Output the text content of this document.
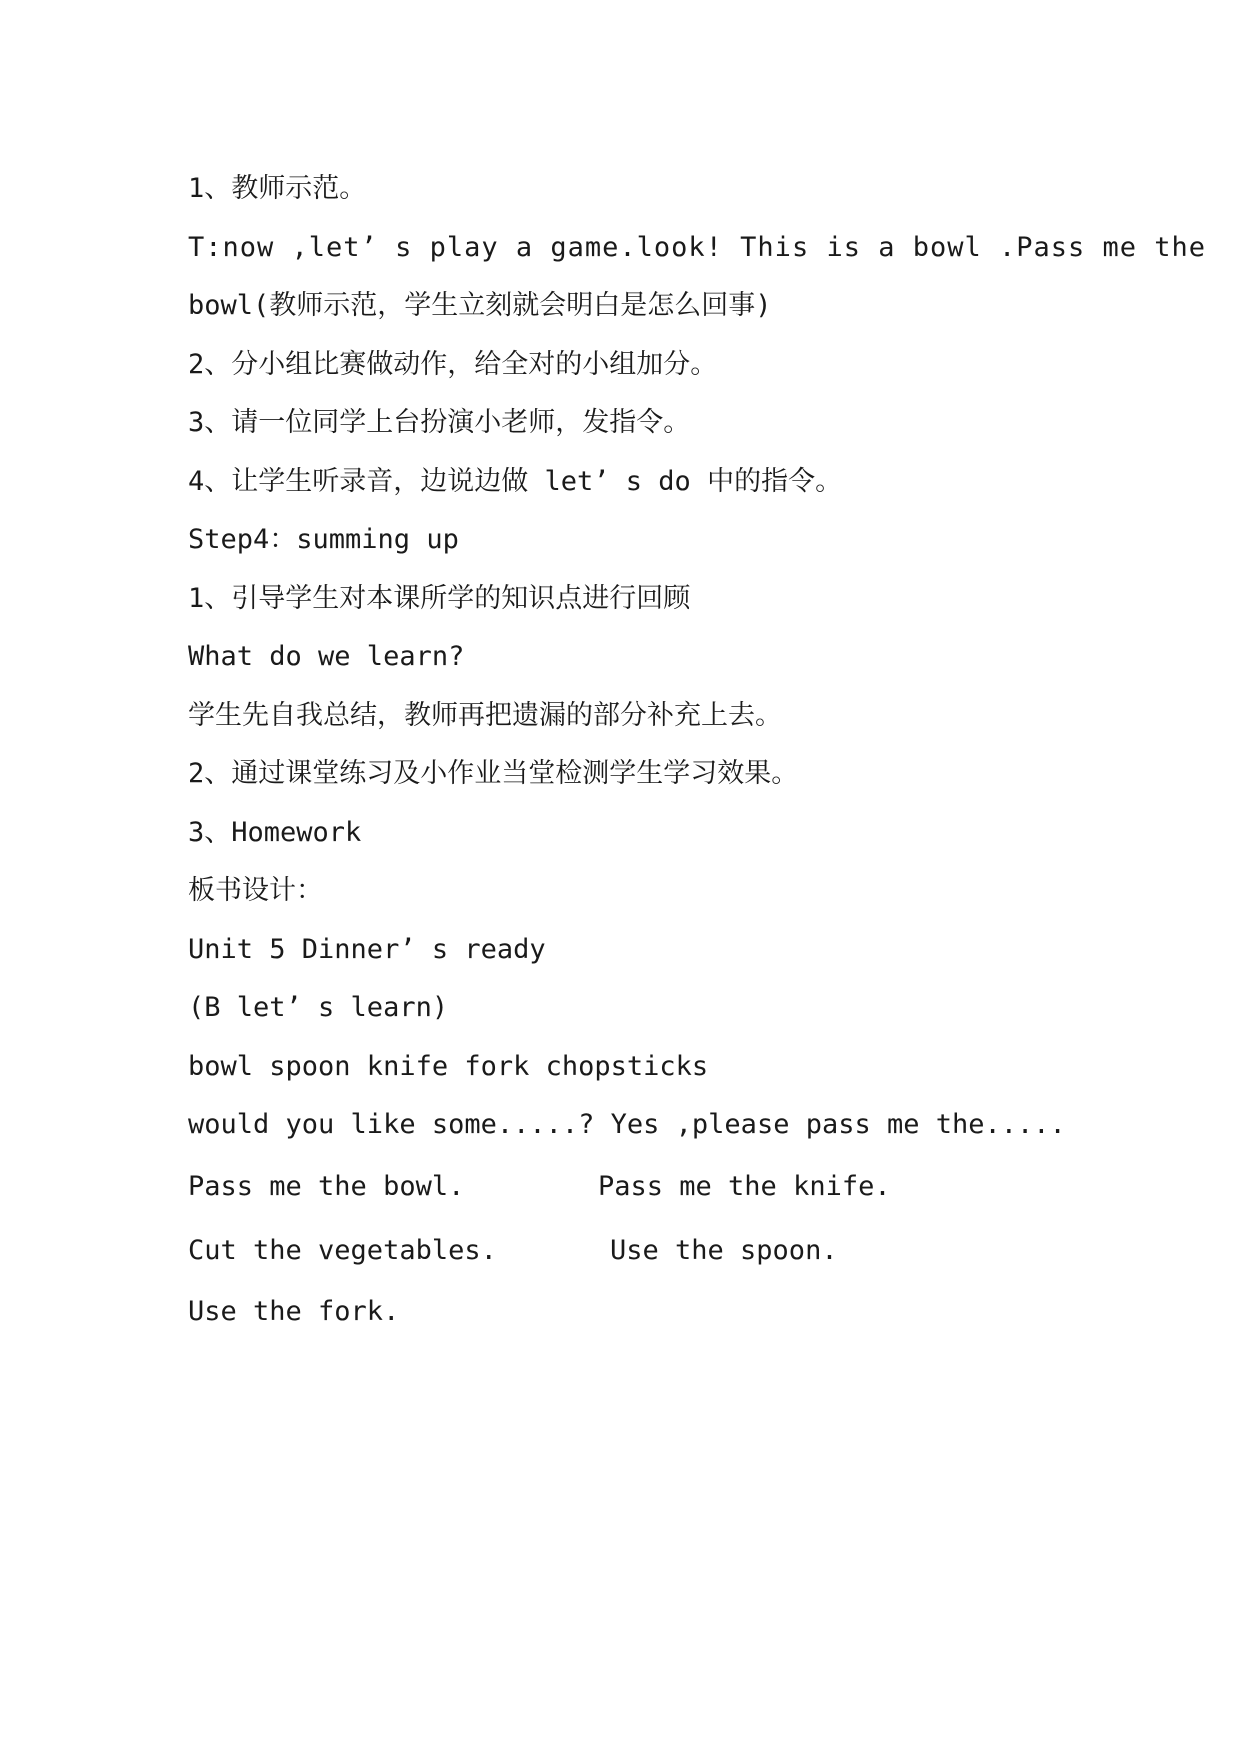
1、教师示范。
T:now ,let’ s play a game.look! This is a bowl .Pass me the
bowl(教师示范，学生立刻就会明白是怎么回事)
2、分小组比赛做动作，给全对的小组加分。
3、请一位同学上台扮演小老师，发指令。
4、让学生听录音，边说边做 let’ s do 中的指令。
Step4：summing up
1、引导学生对本课所学的知识点进行回顾
What do we learn?
学生先自我总结，教师再把遗漏的部分补充上去。
2、通过课堂练习及小作业当堂检测学生学习效果。
3、Homework
板书设计：
Unit 5 Dinner’ s ready
(B let’ s learn)
bowl spoon knife fork chopsticks
would you like some.....? Yes ,please pass me the.....
Pass me the bowl.	Pass me the knife.
Cut the vegetables.	Use the spoon.
Use the fork.
